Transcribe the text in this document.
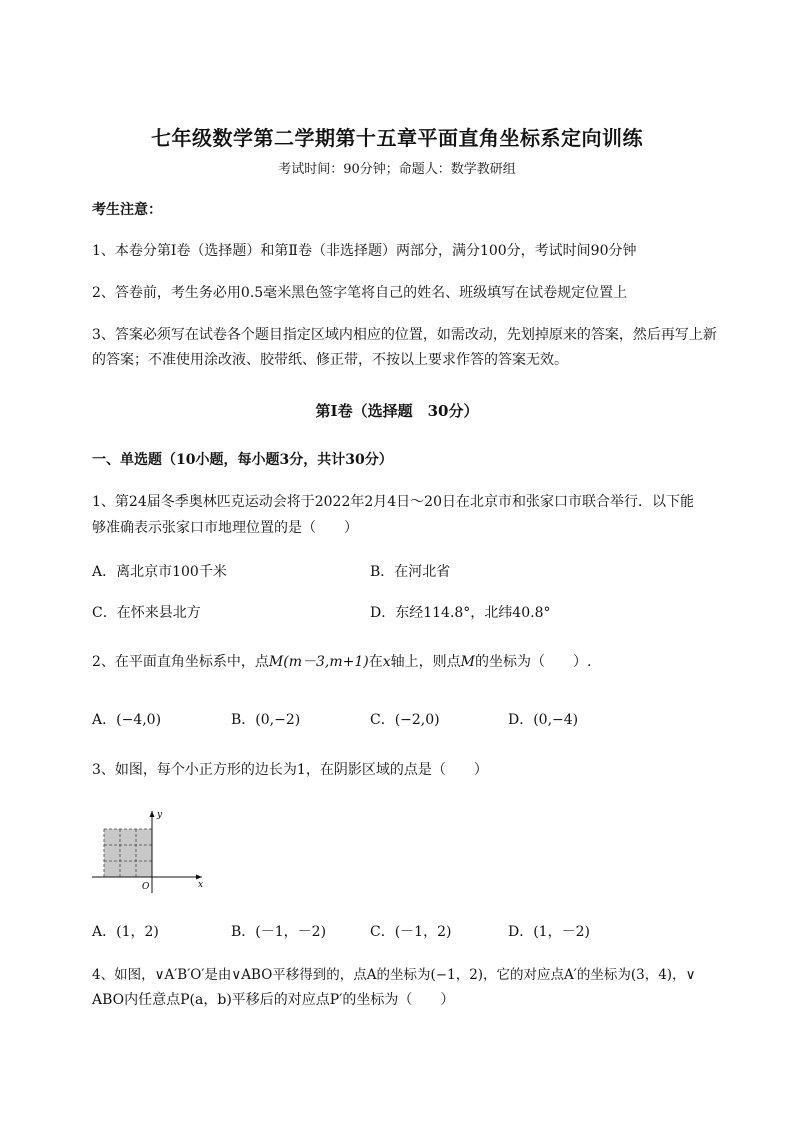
七年级数学第二学期第十五章平面直角坐标系定向训练
考试时间：90分钟；命题人：数学教研组
考生注意：
1、本卷分第Ⅰ卷（选择题）和第Ⅱ卷（非选择题）两部分，满分100分，考试时间90分钟
2、答卷前，考生务必用0.5毫米黑色签字笔将自己的姓名、班级填写在试卷规定位置上
3、答案必须写在试卷各个题目指定区域内相应的位置，如需改动，先划掉原来的答案，然后再写上新
的答案；不准使用涂改液、胶带纸、修正带，不按以上要求作答的答案无效。
第Ⅰ卷（选择题　30分）
一、单选题（10小题，每小题3分，共计30分）
1、第24届冬季奥林匹克运动会将于2022年2月4日～20日在北京市和张家口市联合举行．以下能
够准确表示张家口市地理位置的是（　　）
A．离北京市100千米	B．在河北省
C．在怀来县北方	D．东经114.8°，北纬40.8°
2、在平面直角坐标系中，点M(m－3,m+1)在x轴上，则点M的坐标为（　　）.
A．(−4,0)	B．(0,−2)	C．(−2,0)	D．(0,−4)
3、如图，每个小正方形的边长为1，在阴影区域的点是（　　）
y
O	x
A．(1，2)	B．(－1，－2)	C．(－1，2)	D．(1，－2)
4、如图，∨A′B′O′是由∨ABO平移得到的，点A的坐标为(−1，2)，它的对应点A′的坐标为(3，4)，∨
ABO内任意点P(a，b)平移后的对应点P′的坐标为（　　）
